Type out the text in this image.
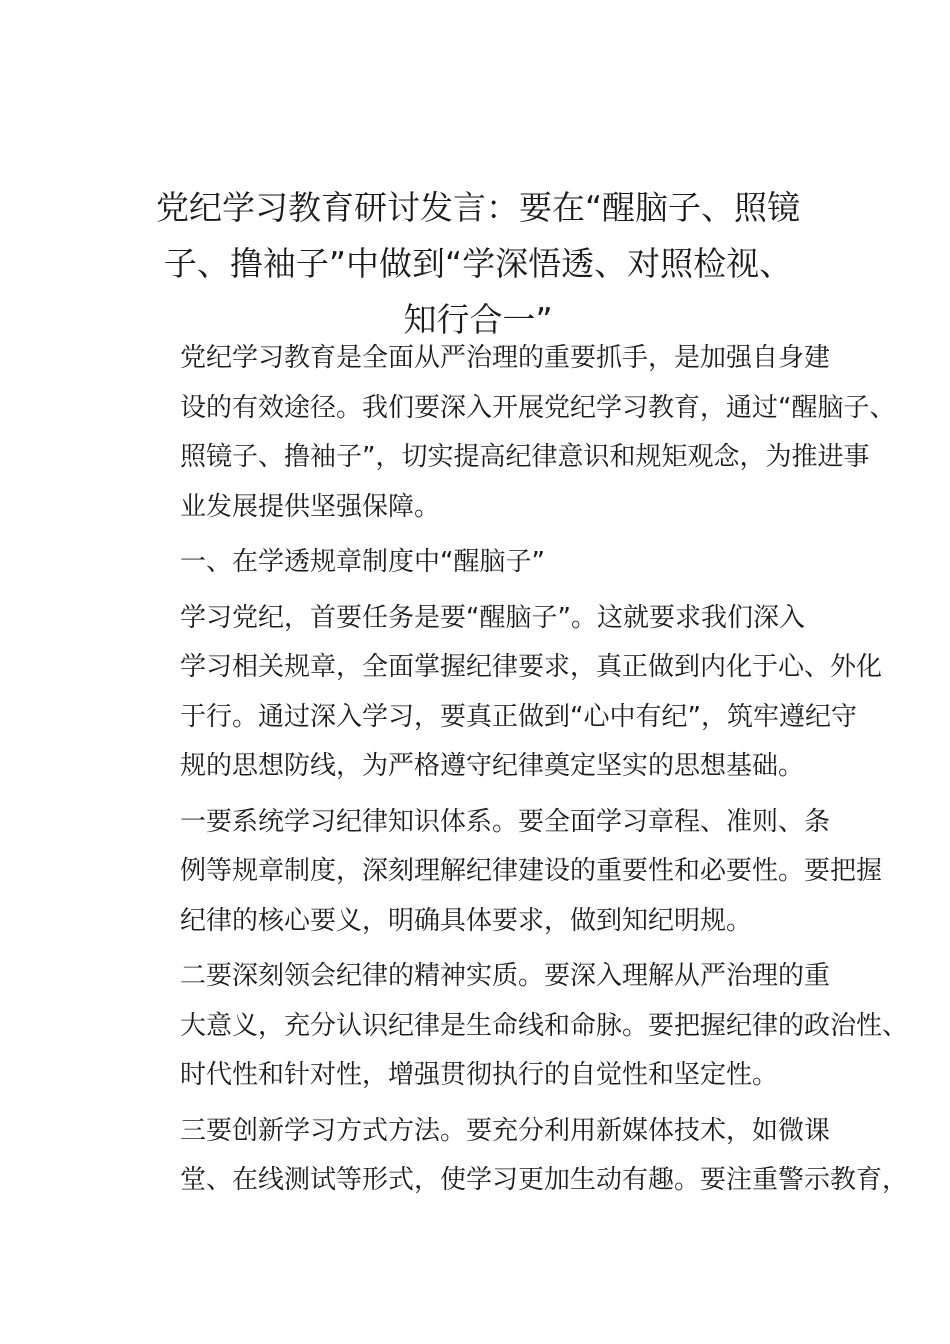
党纪学习教育研讨发言：要在“醒脑子、照镜
子、撸袖子”中做到“学深悟透、对照检视、
知行合一”

党纪学习教育是全面从严治理的重要抓手，是加强自身建
设的有效途径。我们要深入开展党纪学习教育，通过“醒脑子、
照镜子、撸袖子”，切实提高纪律意识和规矩观念，为推进事
业发展提供坚强保障。

一、在学透规章制度中“醒脑子”

学习党纪，首要任务是要“醒脑子”。这就要求我们深入
学习相关规章，全面掌握纪律要求，真正做到内化于心、外化
于行。通过深入学习，要真正做到“心中有纪”，筑牢遵纪守
规的思想防线，为严格遵守纪律奠定坚实的思想基础。

一要系统学习纪律知识体系。要全面学习章程、准则、条
例等规章制度，深刻理解纪律建设的重要性和必要性。要把握
纪律的核心要义，明确具体要求，做到知纪明规。

二要深刻领会纪律的精神实质。要深入理解从严治理的重
大意义，充分认识纪律是生命线和命脉。要把握纪律的政治性、
时代性和针对性，增强贯彻执行的自觉性和坚定性。

三要创新学习方式方法。要充分利用新媒体技术，如微课
堂、在线测试等形式，使学习更加生动有趣。要注重警示教育，
